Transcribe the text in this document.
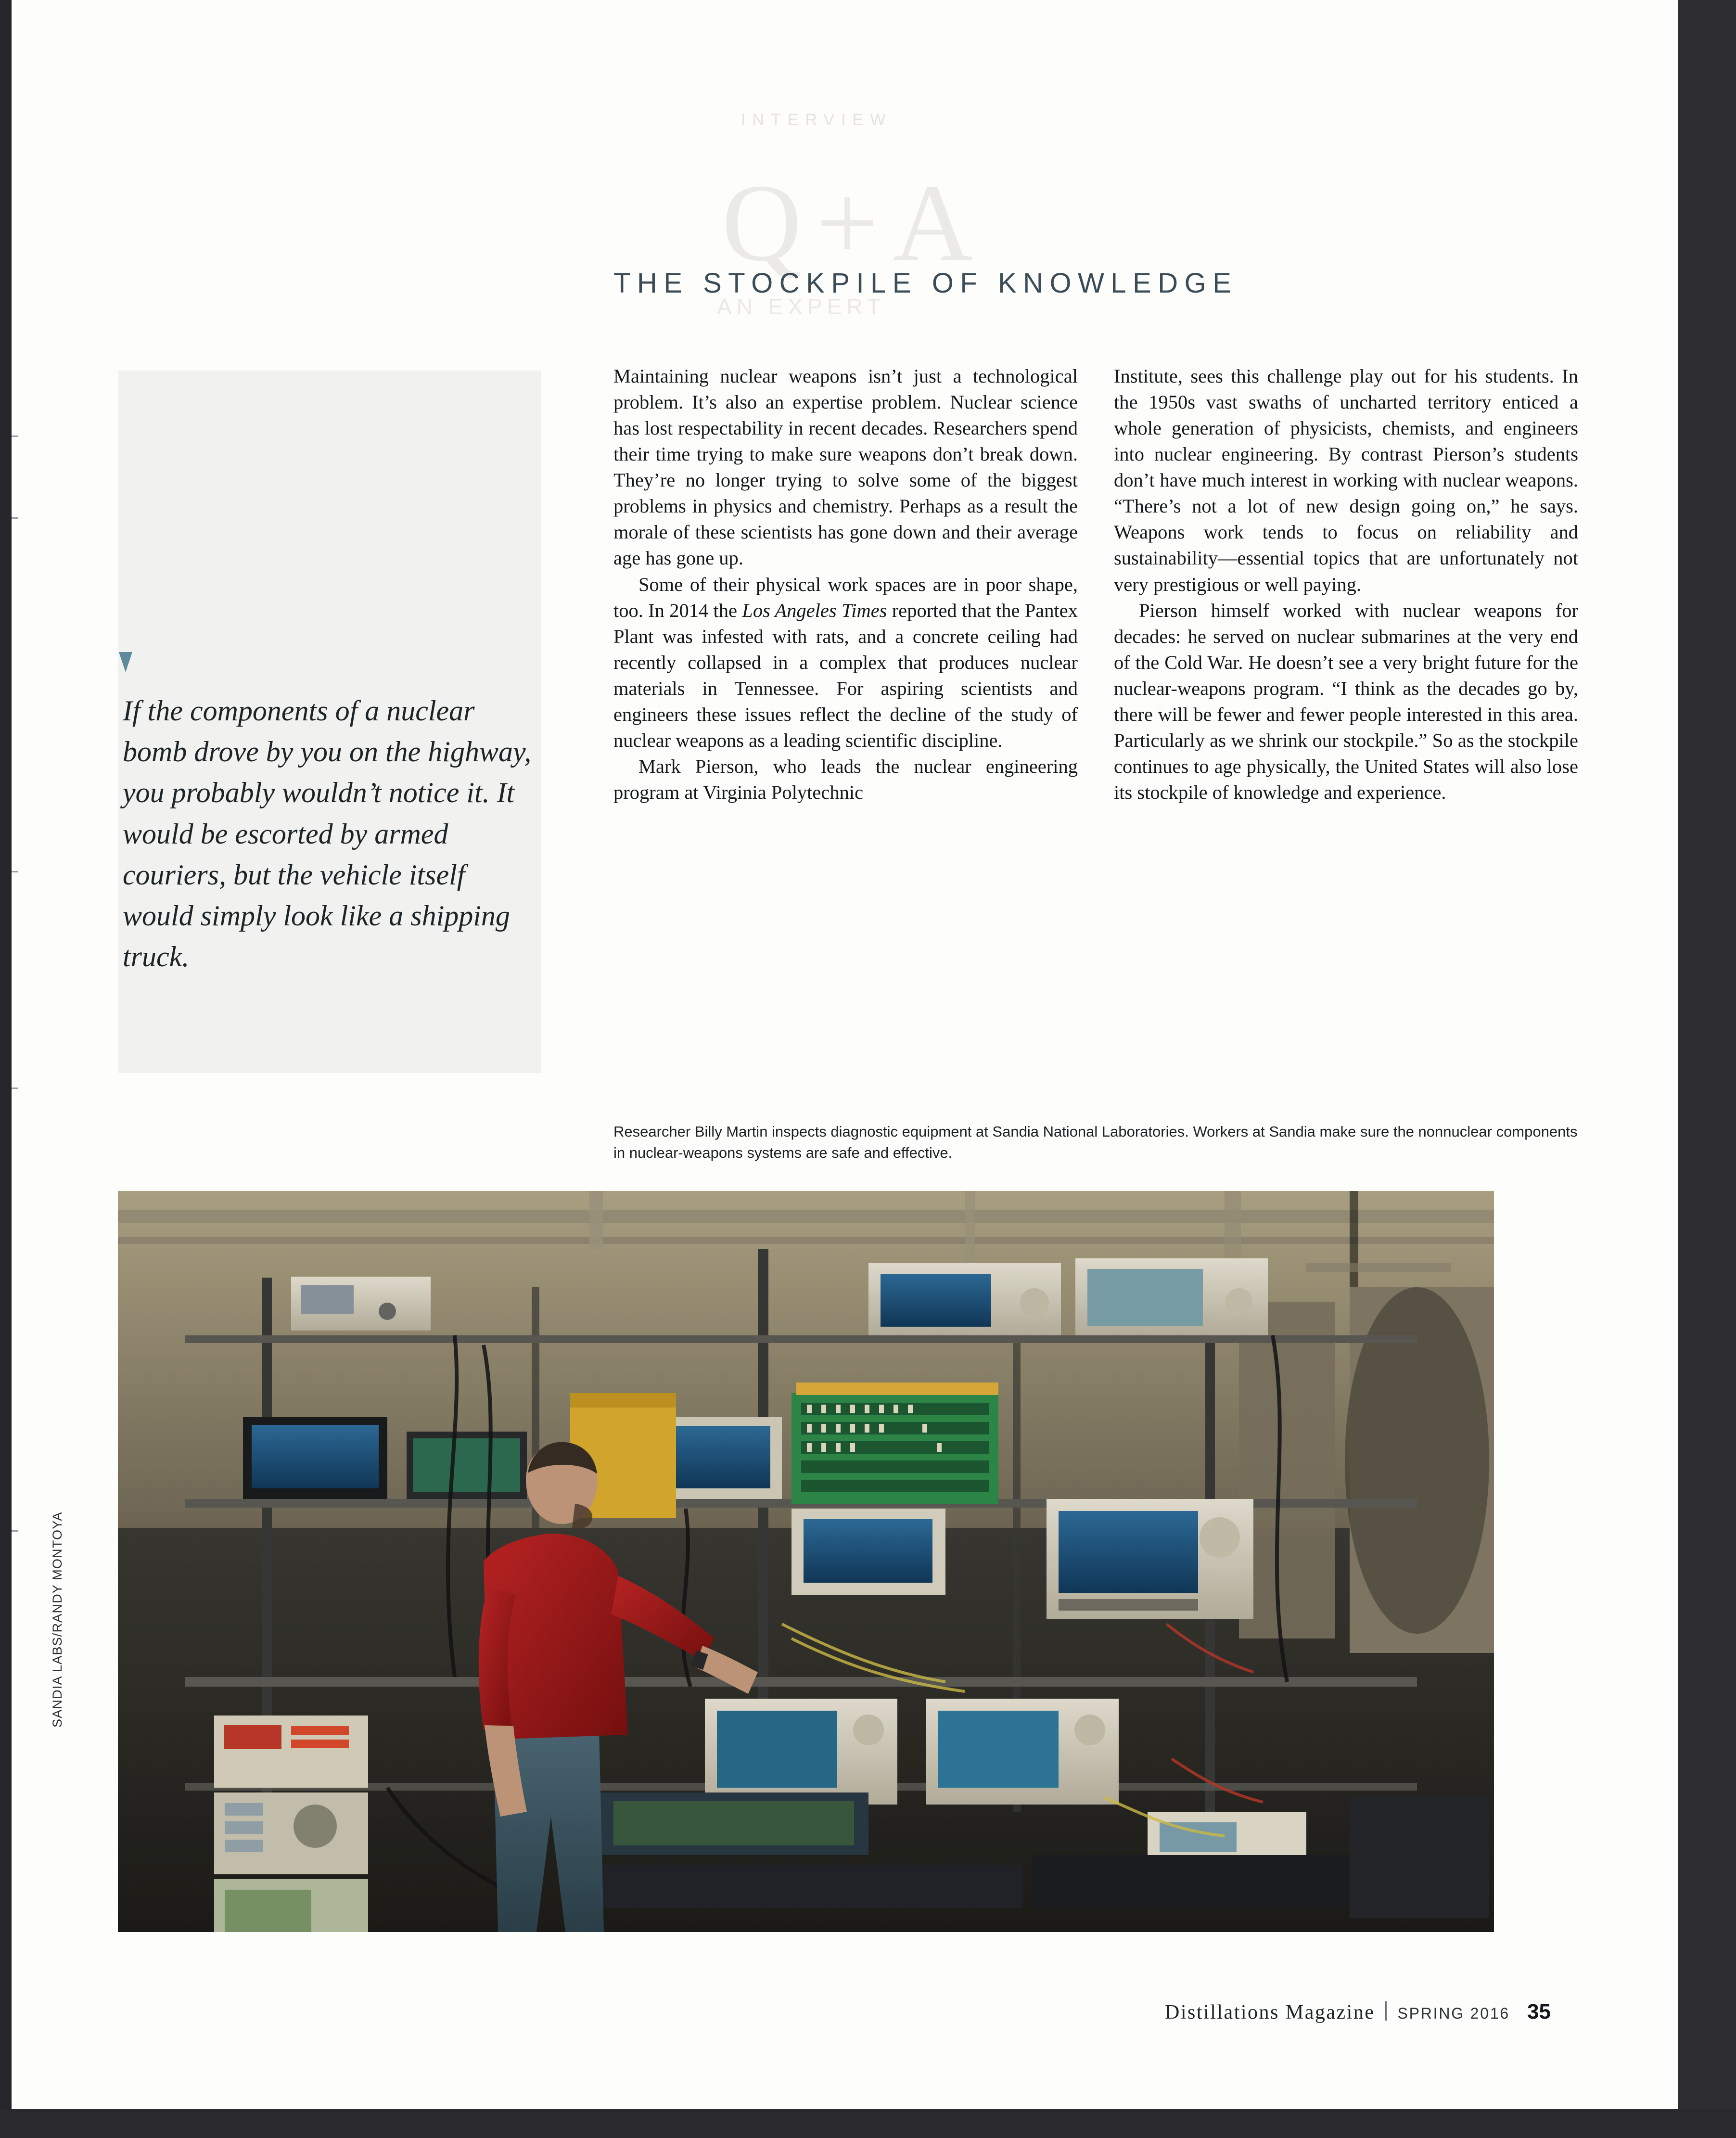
INTERVIEW
Q+A
AN EXPERT
THE STOCKPILE OF KNOWLEDGE
If the components of a nuclear bomb drove by you on the highway, you probably wouldn’t notice it. It would be escorted by armed couriers, but the vehicle itself would simply look like a shipping truck.

Maintaining nuclear weapons isn’t just a technological problem. It’s also an expertise problem. Nuclear science has lost respectability in recent decades. Researchers spend their time trying to make sure weapons don’t break down. They’re no longer trying to solve some of the biggest problems in physics and chemistry. Perhaps as a result the morale of these scientists has gone down and their average age has gone up.

Some of their physical work spaces are in poor shape, too. In 2014 the Los Angeles Times reported that the Pantex Plant was infested with rats, and a concrete ceiling had recently collapsed in a complex that produces nuclear materials in Tennessee. For aspiring scientists and engineers these issues reflect the decline of the study of nuclear weapons as a leading scientific discipline.

Mark Pierson, who leads the nuclear engineering program at Virginia Polytechnic

Institute, sees this challenge play out for his students. In the 1950s vast swaths of uncharted territory enticed a whole generation of physicists, chemists, and engineers into nuclear engineering. By contrast Pierson’s students don’t have much interest in working with nuclear weapons. “There’s not a lot of new design going on,” he says. Weapons work tends to focus on reliability and sustainability—essential topics that are unfortunately not very prestigious or well paying.

Pierson himself worked with nuclear weapons for decades: he served on nuclear submarines at the very end of the Cold War. He doesn’t see a very bright future for the nuclear-weapons program. “I think as the decades go by, there will be fewer and fewer people interested in this area. Particularly as we shrink our stockpile.” So as the stockpile continues to age physically, the United States will also lose its stockpile of knowledge and experience.

Researcher Billy Martin inspects diagnostic equipment at Sandia National Laboratories. Workers at Sandia make sure the nonnuclear components in nuclear-weapons systems are safe and effective.
SANDIA LABS/RANDY MONTOYA
Distillations Magazine SPRING 2016 35
